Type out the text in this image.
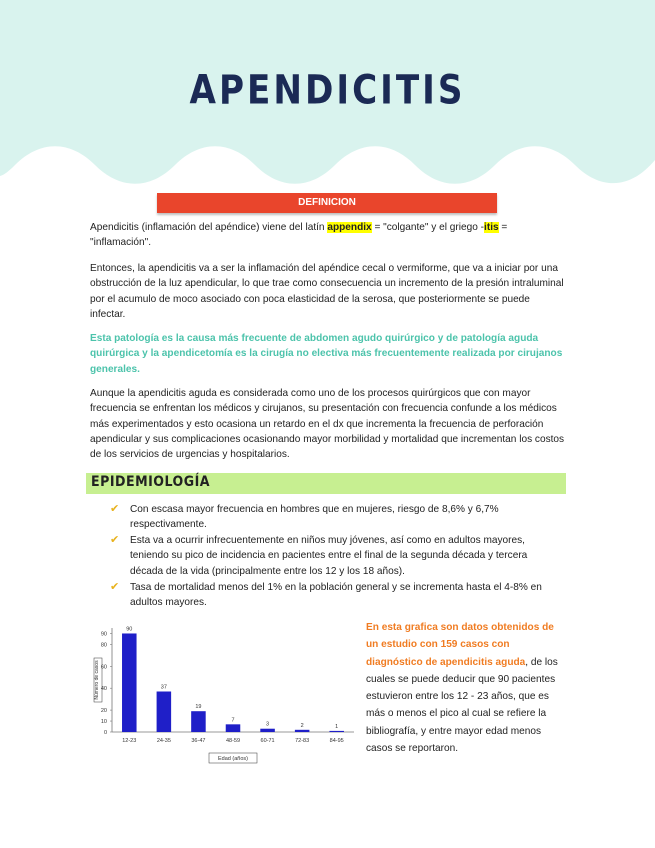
APENDICITIS
DEFINICION
Apendicitis (inflamación del apéndice) viene del latín appendix = "colgante" y el griego -itis = "inflamación".
Entonces, la apendicitis va a ser la inflamación del apéndice cecal o vermiforme, que va a iniciar por una obstrucción de la luz apendicular, lo que trae como consecuencia un incremento de la presión intraluminal por el acumulo de moco asociado con poca elasticidad de la serosa, que posteriormente se puede infectar.
Esta patología es la causa más frecuente de abdomen agudo quirúrgico y de patología aguda quirúrgica y la apendicetomía es la cirugía no electiva más frecuentemente realizada por cirujanos generales.
Aunque la apendicitis aguda es considerada como uno de los procesos quirúrgicos que con mayor frecuencia se enfrentan los médicos y cirujanos, su presentación con frecuencia confunde a los médicos más experimentados y esto ocasiona un retardo en el dx que incrementa la frecuencia de perforación apendicular y sus complicaciones ocasionando mayor morbilidad y mortalidad que incrementan los costos de los servicios de urgencias y hospitalarios.
EPIDEMIOLOGÍA
✔ Con escasa mayor frecuencia en hombres que en mujeres, riesgo de 8,6% y 6,7% respectivamente.
✔ Esta va a ocurrir infrecuentemente en niños muy jóvenes, así como en adultos mayores, teniendo su pico de incidencia en pacientes entre el final de la segunda década y tercera década de la vida (principalmente entre los 12 y los 18 años).
✔ Tasa de mortalidad menos del 1% en la población general y se incrementa hasta el 4-8% en adultos mayores.
0
10
20
40
60
80
90
Número de casos
90
12-23
37
24-35
19
36-47
7
48-59
3
60-71
2
72-83
1
84-95
Edad (años)
En esta grafica son datos obtenidos de un estudio con 159 casos con diagnóstico de apendicitis aguda, de los cuales se puede deducir que 90 pacientes estuvieron entre los 12 - 23 años, que es más o menos el pico al cual se refiere la bibliografía, y entre mayor edad menos casos se reportaron.
